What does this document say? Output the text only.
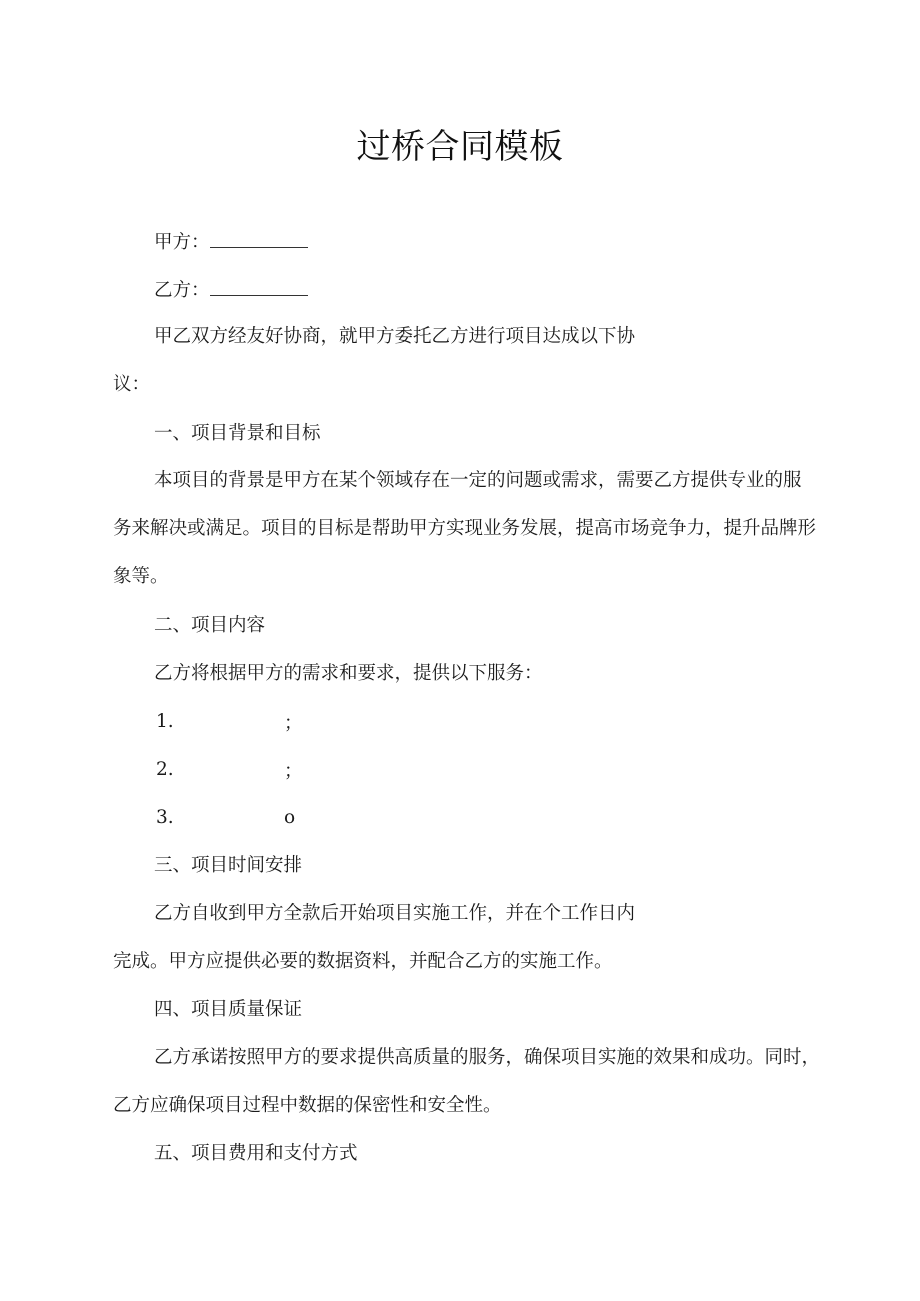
过桥合同模板
甲方：
乙方：
甲乙双方经友好协商，就甲方委托乙方进行项目达成以下协
议：
一、项目背景和目标
本项目的背景是甲方在某个领域存在一定的问题或需求，需要乙方提供专业的服
务来解决或满足。项目的目标是帮助甲方实现业务发展，提高市场竞争力，提升品牌形
象等。
二、项目内容
乙方将根据甲方的需求和要求，提供以下服务：
1.	；
2.	；
3.	o
三、项目时间安排
乙方自收到甲方全款后开始项目实施工作，并在个工作日内
完成。甲方应提供必要的数据资料，并配合乙方的实施工作。
四、项目质量保证
乙方承诺按照甲方的要求提供高质量的服务，确保项目实施的效果和成功。同时，
乙方应确保项目过程中数据的保密性和安全性。
五、项目费用和支付方式
